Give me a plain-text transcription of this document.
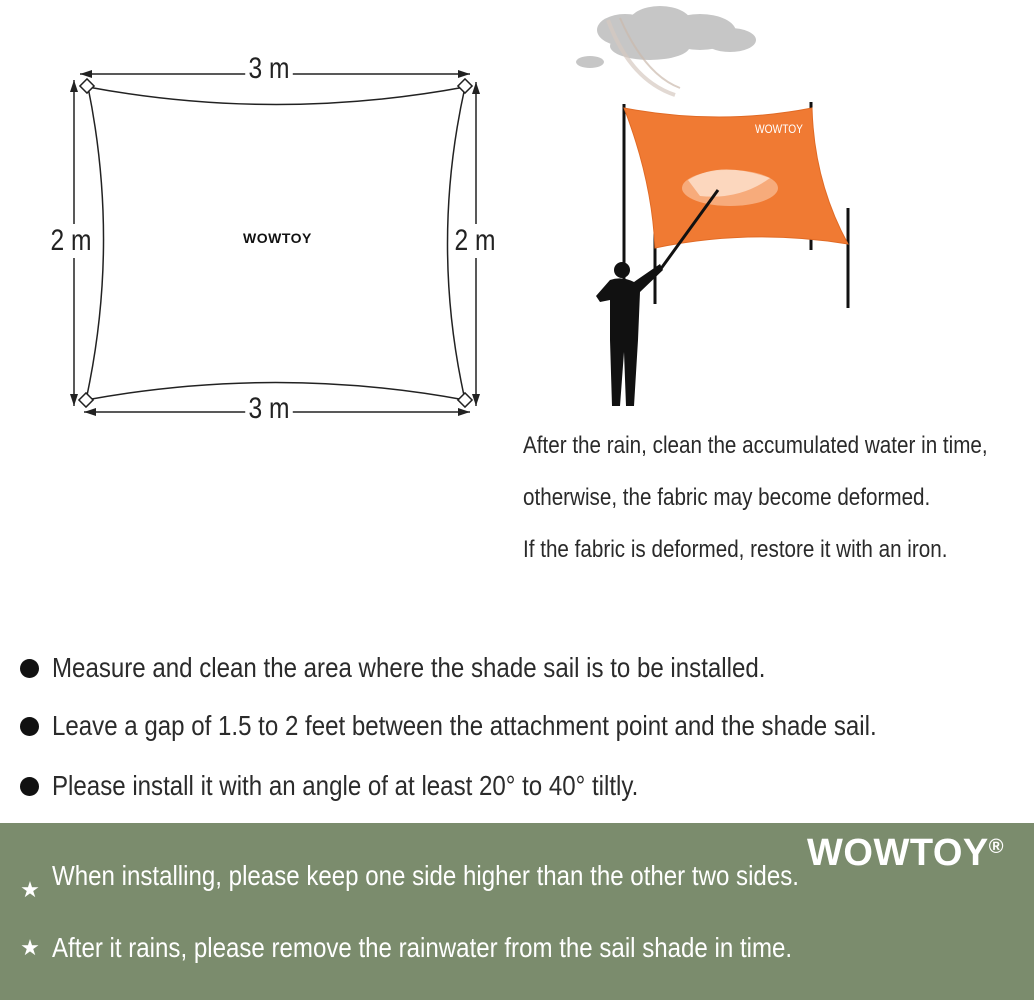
3 m
3 m
2 m	2 m
WOWTOY
WOWTOY
After the rain, clean the accumulated water in time,
otherwise, the fabric may become deformed.
If the fabric is deformed, restore it with an iron.
Measure and clean the area where the shade sail is to be installed.
Leave a gap of 1.5 to 2 feet between the attachment point and the shade sail.
Please install it with an angle of at least 20° to 40° tiltly.
WOWTOY®
★ When installing, please keep one side higher than the other two sides.
★ After it rains, please remove the rainwater from the sail shade in time.
